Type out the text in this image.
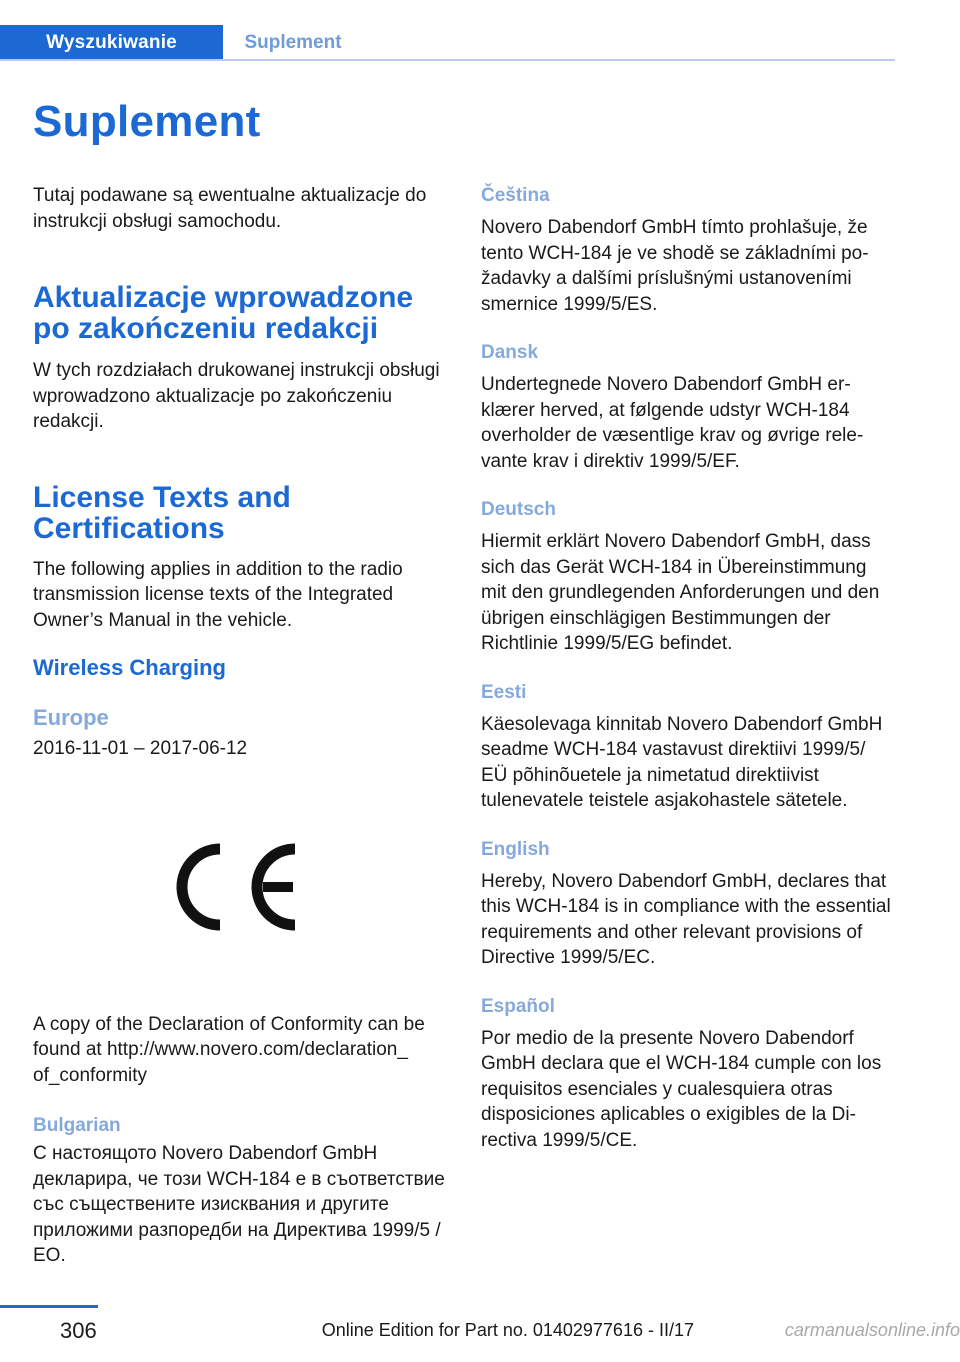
Wyszukiwanie	Suplement
Suplement

Tutaj podawane są ewentualne aktualizacje do instrukcji obsługi samochodu.

Aktualizacje wprowadzone
po zakończeniu redakcji

W tych rozdziałach drukowanej instrukcji obsługi wprowadzono aktualizacje po zakończeniu redakcji.

License Texts and
Certifications

The following applies in addition to the radio transmission license texts of the Integrated Owner’s Manual in the vehicle.

Wireless Charging
Europe

2016-11-01 – 2017-06-12

A copy of the Declaration of Conformity can be found at http://www.novero.com/declaration_ of_conformity

Bulgarian

С настоящото Novero Dabendorf GmbH декларира, че този WCH-184 е в съответствие със съществените изисквания и другите приложими разпоредби на Директива 1999/5 / ЕО.

Čeština

Novero Dabendorf GmbH tímto prohlašuje, že tento WCH-184 je ve shodě se základními požadavky a dalšími príslušnými ustanoveními smernice 1999/5/ES.

Dansk

Undertegnede Novero Dabendorf GmbH erklærer herved, at følgende udstyr WCH-184 overholder de væsentlige krav og øvrige relevante krav i direktiv 1999/5/EF.

Deutsch

Hiermit erklärt Novero Dabendorf GmbH, dass sich das Gerät WCH-184 in Übereinstimmung mit den grundlegenden Anforderungen und den übrigen einschlägigen Bestimmungen der Richtlinie 1999/5/EG befindet.

Eesti

Käesolevaga kinnitab Novero Dabendorf GmbH seadme WCH-184 vastavust direktiivi 1999/5/ EÜ põhinõuetele ja nimetatud direktiivist tulenevatele teistele asjakohastele sätetele.

English

Hereby, Novero Dabendorf GmbH, declares that this WCH-184 is in compliance with the essential requirements and other relevant provisions of Directive 1999/5/EC.

Español

Por medio de la presente Novero Dabendorf GmbH declara que el WCH-184 cumple con los requisitos esenciales y cualesquiera otras disposiciones aplicables o exigibles de la Directiva 1999/5/CE.

306	Online Edition for Part no. 01402977616 - II/17	carmanualsonline.info
